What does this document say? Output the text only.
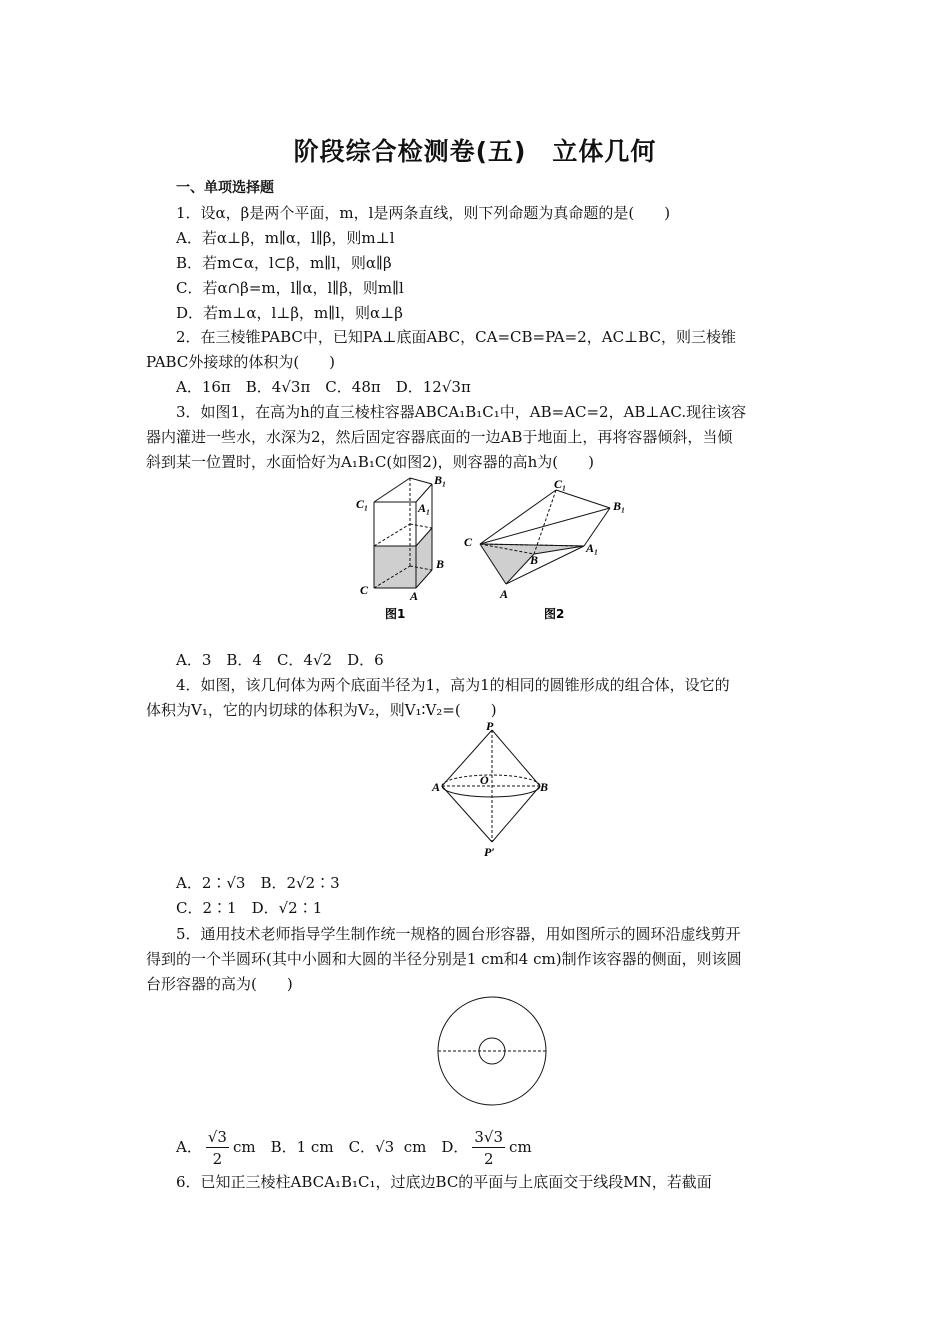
阶段综合检测卷(五)　立体几何
一、单项选择题
1．设α，β是两个平面，m，l是两条直线，则下列命题为真命题的是(　　)
A．若α⊥β，m∥α，l∥β，则m⊥l
B．若m⊂α，l⊂β，m∥l，则α∥β
C．若α∩β=m，l∥α，l∥β，则m∥l
D．若m⊥α，l⊥β，m∥l，则α⊥β
2．在三棱锥PABC中，已知PA⊥底面ABC，CA=CB=PA=2，AC⊥BC，则三棱锥
PABC外接球的体积为(　　)
A．16π　B．4√3π　C．48π　D．12√3π
3．如图1，在高为h的直三棱柱容器ABCA₁B₁C₁中，AB=AC=2，AB⊥AC.现往该容
器内灌进一些水，水深为2，然后固定容器底面的一边AB于地面上，再将容器倾斜，当倾
斜到某一位置时，水面恰好为A₁B₁C(如图2)，则容器的高h为(　　)
B₁
C₁	A₁
C
B
A
图1
C₁
B₁
C
B
A₁
A
图2
A．3　B．4　C．4√2　D．6
4．如图，该几何体为两个底面半径为1，高为1的相同的圆锥形成的组合体，设它的
体积为V₁，它的内切球的体积为V₂，则V₁∶V₂=(　　)
P
A	O	B
P′
A．2∶√3　B．2√2∶3
C．2∶1　D．√2∶1
5．通用技术老师指导学生制作统一规格的圆台形容器，用如图所示的圆环沿虚线剪开
得到的一个半圆环(其中小圆和大圆的半径分别是1 cm和4 cm)制作该容器的侧面，则该圆
台形容器的高为(　　)
A． $\frac{√3}{2}$ cm　 B．1 cm　 C．√3 cm　 D． $\frac{3√3}{2}$ cm
6．已知正三棱柱ABCA₁B₁C₁，过底边BC的平面与上底面交于线段MN，若截面
